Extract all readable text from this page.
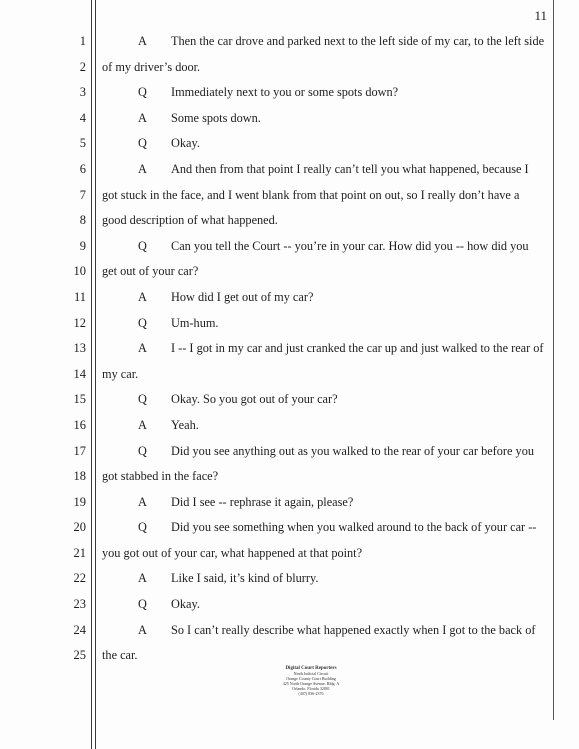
11
1
2
3
4
5
6
7
8
9
10
11
12
13
14
15
16
17
18
19
20
21
22
23
24
25
A Then the car drove and parked next to the left side of my car, to the left side
of my driver’s door.
Q Immediately next to you or some spots down?
A Some spots down.
Q Okay.
A And then from that point I really can’t tell you what happened, because I
got stuck in the face, and I went blank from that point on out, so I really don’t have a
good description of what happened.
Q Can you tell the Court -- you’re in your car. How did you -- how did you
get out of your car?
A How did I get out of my car?
Q Um-hum.
A I -- I got in my car and just cranked the car up and just walked to the rear of
my car.
Q Okay. So you got out of your car?
A Yeah.
Q Did you see anything out as you walked to the rear of your car before you
got stabbed in the face?
A Did I see -- rephrase it again, please?
Q Did you see something when you walked around to the back of your car --
you got out of your car, what happened at that point?
A Like I said, it’s kind of blurry.
Q Okay.
A So I can’t really describe what happened exactly when I got to the back of
the car.
Digital Court Reporters
Ninth Judicial Circuit
Orange County Court Building
425 North Orange Avenue, Bldg. A
Orlando, Florida 32801
(407) 836-2376
